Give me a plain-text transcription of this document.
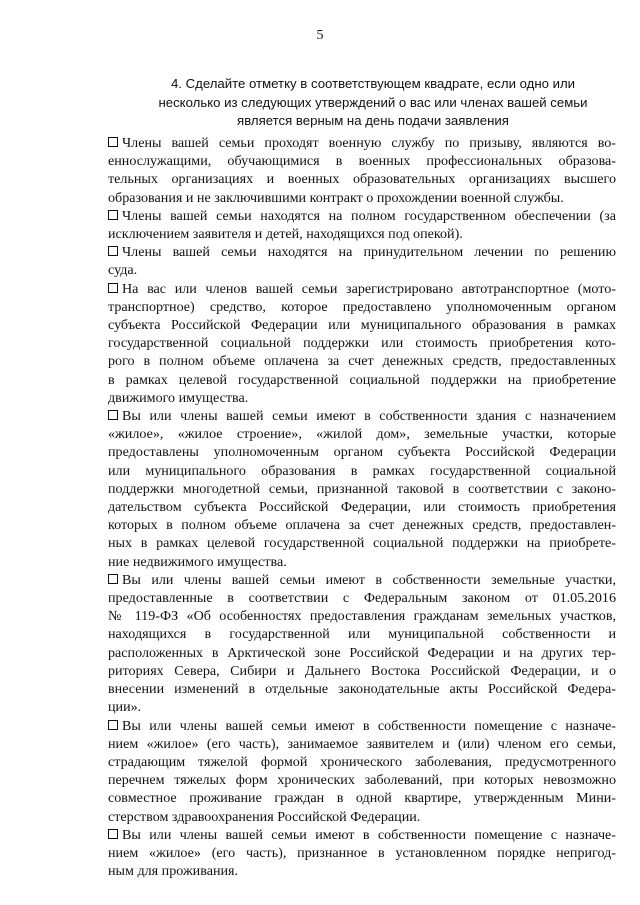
5
4. Сделайте отметку в соответствующем квадрате, если одно или
несколько из следующих утверждений о вас или членах вашей семьи
является верным на день подачи заявления
Члены вашей семьи проходят военную службу по призыву, являются во-
еннослужащими, обучающимися в военных профессиональных образова-
тельных организациях и военных образовательных организациях высшего
образования и не заключившими контракт о прохождении военной службы.
Члены вашей семьи находятся на полном государственном обеспечении (за
исключением заявителя и детей, находящихся под опекой).
Члены вашей семьи находятся на принудительном лечении по решению
суда.
На вас или членов вашей семьи зарегистрировано автотранспортное (мото-
транспортное) средство, которое предоставлено уполномоченным органом
субъекта Российской Федерации или муниципального образования в рамках
государственной социальной поддержки или стоимость приобретения кото-
рого в полном объеме оплачена за счет денежных средств, предоставленных
в рамках целевой государственной социальной поддержки на приобретение
движимого имущества.
Вы или члены вашей семьи имеют в собственности здания с назначением
«жилое», «жилое строение», «жилой дом», земельные участки, которые
предоставлены уполномоченным органом субъекта Российской Федерации
или муниципального образования в рамках государственной социальной
поддержки многодетной семьи, признанной таковой в соответствии с законо-
дательством субъекта Российской Федерации, или стоимость приобретения
которых в полном объеме оплачена за счет денежных средств, предоставлен-
ных в рамках целевой государственной социальной поддержки на приобрете-
ние недвижимого имущества.
Вы или члены вашей семьи имеют в собственности земельные участки,
предоставленные в соответствии с Федеральным законом от 01.05.2016
№ 119-ФЗ «Об особенностях предоставления гражданам земельных участков,
находящихся в государственной или муниципальной собственности и
расположенных в Арктической зоне Российской Федерации и на других тер-
риториях Севера, Сибири и Дальнего Востока Российской Федерации, и о
внесении изменений в отдельные законодательные акты Российской Федера-
ции».
Вы или члены вашей семьи имеют в собственности помещение с назначе-
нием «жилое» (его часть), занимаемое заявителем и (или) членом его семьи,
страдающим тяжелой формой хронического заболевания, предусмотренного
перечнем тяжелых форм хронических заболеваний, при которых невозможно
совместное проживание граждан в одной квартире, утвержденным Мини-
стерством здравоохранения Российской Федерации.
Вы или члены вашей семьи имеют в собственности помещение с назначе-
нием «жилое» (его часть), признанное в установленном порядке непригод-
ным для проживания.
